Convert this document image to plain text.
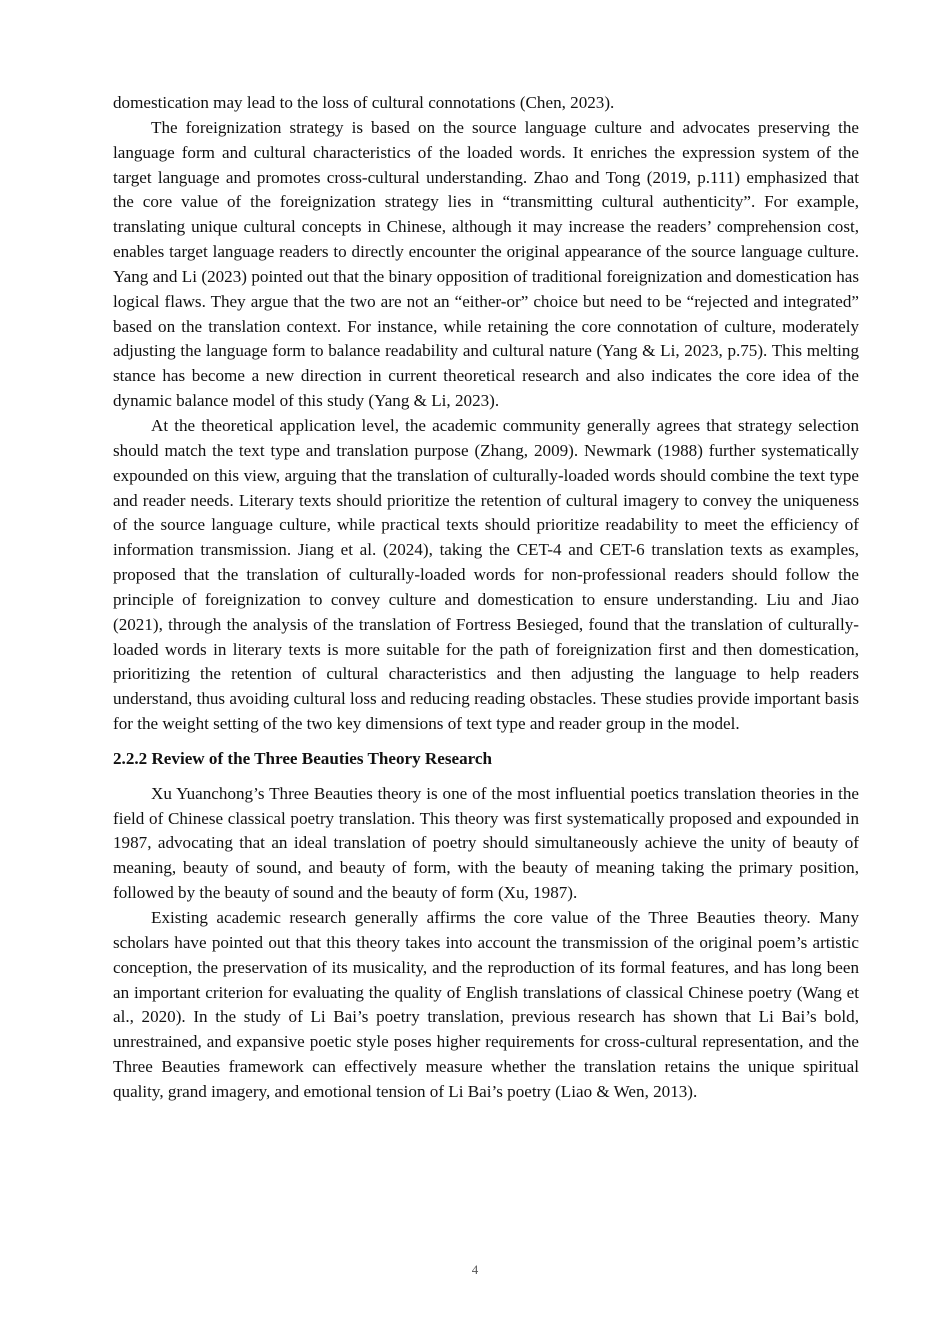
domestication may lead to the loss of cultural connotations (Chen, 2023).

The foreignization strategy is based on the source language culture and advocates preserving the language form and cultural characteristics of the loaded words. It enriches the expression system of the target language and promotes cross-cultural understanding. Zhao and Tong (2019, p.111) emphasized that the core value of the foreignization strategy lies in “transmitting cultural authenticity”. For example, translating unique cultural concepts in Chinese, although it may increase the readers’ comprehension cost, enables target language readers to directly encounter the original appearance of the source language culture. Yang and Li (2023) pointed out that the binary opposition of traditional foreignization and domestication has logical flaws. They argue that the two are not an “either-or” choice but need to be “rejected and integrated” based on the translation context. For instance, while retaining the core connotation of culture, moderately adjusting the language form to balance readability and cultural nature (Yang & Li, 2023, p.75). This melting stance has become a new direction in current theoretical research and also indicates the core idea of the dynamic balance model of this study (Yang & Li, 2023).

At the theoretical application level, the academic community generally agrees that strategy selection should match the text type and translation purpose (Zhang, 2009). Newmark (1988) further systematically expounded on this view, arguing that the translation of culturally-loaded words should combine the text type and reader needs. Literary texts should prioritize the retention of cultural imagery to convey the uniqueness of the source language culture, while practical texts should prioritize readability to meet the efficiency of information transmission. Jiang et al. (2024), taking the CET-4 and CET-6 translation texts as examples, proposed that the translation of culturally-loaded words for non-professional readers should follow the principle of foreignization to convey culture and domestication to ensure understanding. Liu and Jiao (2021), through the analysis of the translation of Fortress Besieged, found that the translation of culturally-loaded words in literary texts is more suitable for the path of foreignization first and then domestication, prioritizing the retention of cultural characteristics and then adjusting the language to help readers understand, thus avoiding cultural loss and reducing reading obstacles. These studies provide important basis for the weight setting of the two key dimensions of text type and reader group in the model.

2.2.2 Review of the Three Beauties Theory Research

Xu Yuanchong’s Three Beauties theory is one of the most influential poetics translation theories in the field of Chinese classical poetry translation. This theory was first systematically proposed and expounded in 1987, advocating that an ideal translation of poetry should simultaneously achieve the unity of beauty of meaning, beauty of sound, and beauty of form, with the beauty of meaning taking the primary position, followed by the beauty of sound and the beauty of form (Xu, 1987).

Existing academic research generally affirms the core value of the Three Beauties theory. Many scholars have pointed out that this theory takes into account the transmission of the original poem’s artistic conception, the preservation of its musicality, and the reproduction of its formal features, and has long been an important criterion for evaluating the quality of English translations of classical Chinese poetry (Wang et al., 2020). In the study of Li Bai’s poetry translation, previous research has shown that Li Bai’s bold, unrestrained, and expansive poetic style poses higher requirements for cross-cultural representation, and the Three Beauties framework can effectively measure whether the translation retains the unique spiritual quality, grand imagery, and emotional tension of Li Bai’s poetry (Liao & Wen, 2013).

4
